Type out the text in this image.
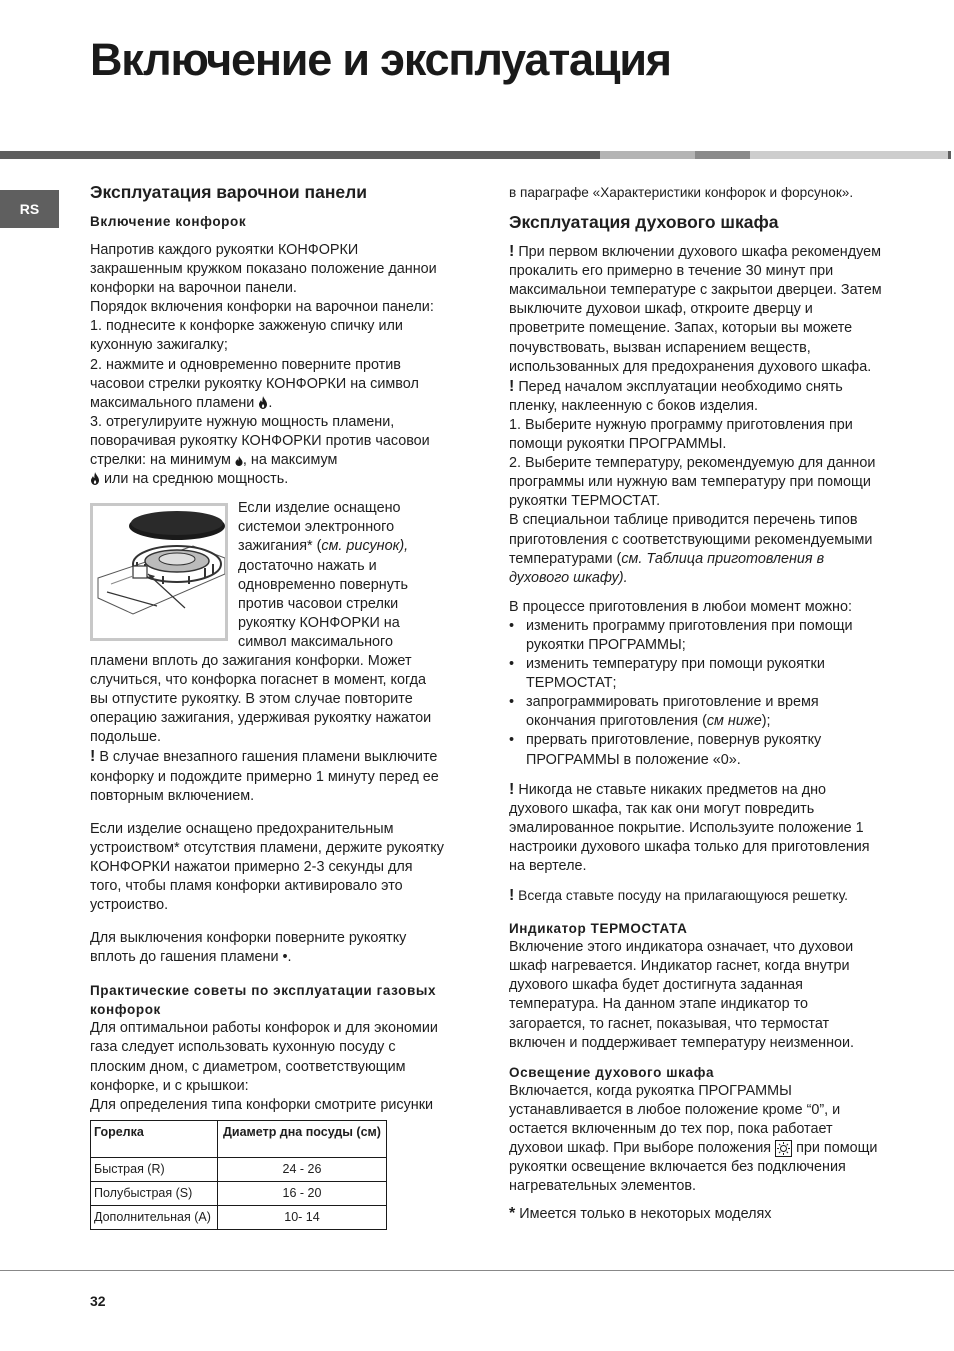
Включение и эксплуатация
RS
Эксплуатация варочнои панели
Включение конфорок

Напротив каждого рукоятки КОНФОРКИ закрашенным кружком показано положение даннои конфорки на варочнои панели.

Порядок включения конфорки на варочнои панели:

1. поднесите к конфорке зажженую спичку или кухонную зажигалку;

2. нажмите и одновременно поверните против часовои стрелки рукоятку КОНФОРКИ на символ максимального пламени .

3. отрегулируите нужную мощность пламени, поворачивая рукоятку КОНФОРКИ против часовои стрелки: на минимум , на максимум
или на среднюю мощность.

Если изделие оснащено системои электронного зажигания* (см. рисунок), достаточно нажать и одновременно повернуть против часовои стрелки рукоятку КОНФОРКИ на символ максимального

пламени вплоть до зажигания конфорки. Может случиться, что конфорка погаснет в момент, когда вы отпустите рукоятку. В этом случае повторите операцию зажигания, удерживая рукоятку нажатои подольше.

! В случае внезапного гашения пламени выключите конфорку и подождите примерно 1 минуту перед ее повторным включением.

Если изделие оснащено предохранительным устроиством* отсутствия пламени, держите рукоятку КОНФОРКИ нажатои примерно 2-3 секунды для того, чтобы пламя конфорки активировало это устроиство.

Для выключения конфорки поверните рукоятку вплоть до гашения пламени •.

Практические советы по эксплуатации газовых конфорок

Для оптимальнои работы конфорок и для экономии газа следует использовать кухонную посуду с плоским дном, с диаметром, соответствующим конфорке, и с крышкои:

Для определения типа конфорки смотрите рисунки

Горелка	Диаметр дна посуды (см)
Быстрая (R)	24 - 26
Полубыстрая (S)	16 - 20
Дополнительная (A)	10- 14

в параграфе «Характеристики конфорок и форсунок».

Эксплуатация духового шкафа

! При первом включении духового шкафа рекомендуем прокалить его примерно в течение 30 минут при максимальнои температуре с закрытои дверцеи. Затем выключите духовои шкаф, откроите дверцу и проветрите помещение. Запах, которыи вы можете почувствовать, вызван испарением веществ, использованных для предохранения духового шкафа.

! Перед началом эксплуатации необходимо снять пленку, наклеенную с боков изделия.

1. Выберите нужную программу приготовления при помощи рукоятки ПРОГРАММЫ.

2. Выберите температуру, рекомендуемую для даннои программы или нужную вам температуру при помощи рукоятки ТЕРМОСТАТ.

В специальнои таблице приводится перечень типов приготовления с соответствующими рекомендуемыми температурами (см. Таблица приготовления в духового шкафу).

В процессе приготовления в любои момент можно:

• изменить программу приготовления при помощи рукоятки ПРОГРАММЫ;
• изменить температуру при помощи рукоятки ТЕРМОСТАТ;
• запрограммировать приготовление и время окончания приготовления (см ниже);
• прервать приготовление, повернув рукоятку ПРОГРАММЫ в положение «0».

! Никогда не ставьте никаких предметов на дно духового шкафа, так как они могут повредить эмалированное покрытие. Используите положение 1 настроики духового шкафа только для приготовления на вертеле.

! Всегда ставьте посуду на прилагающуюся решетку.

Индикатор ТЕРМОСТАТА

Включение этого индикатора означает, что духовои шкаф нагревается. Индикатор гаснет, когда внутри духового шкафа будет достигнута заданная температура. На данном этапе индикатор то загорается, то гаснет, показывая, что термостат включен и поддерживает температуру неизменнои.

Освещение духового шкафа

Включается, когда рукоятка ПРОГРАММЫ устанавливается в любое положение кроме “0”, и остается включенным до тех пор, пока работает духовои шкаф. При выборе положения при помощи рукоятки освещение включается без подключения нагревательных элементов.

* Имеется только в некоторых моделях

32
